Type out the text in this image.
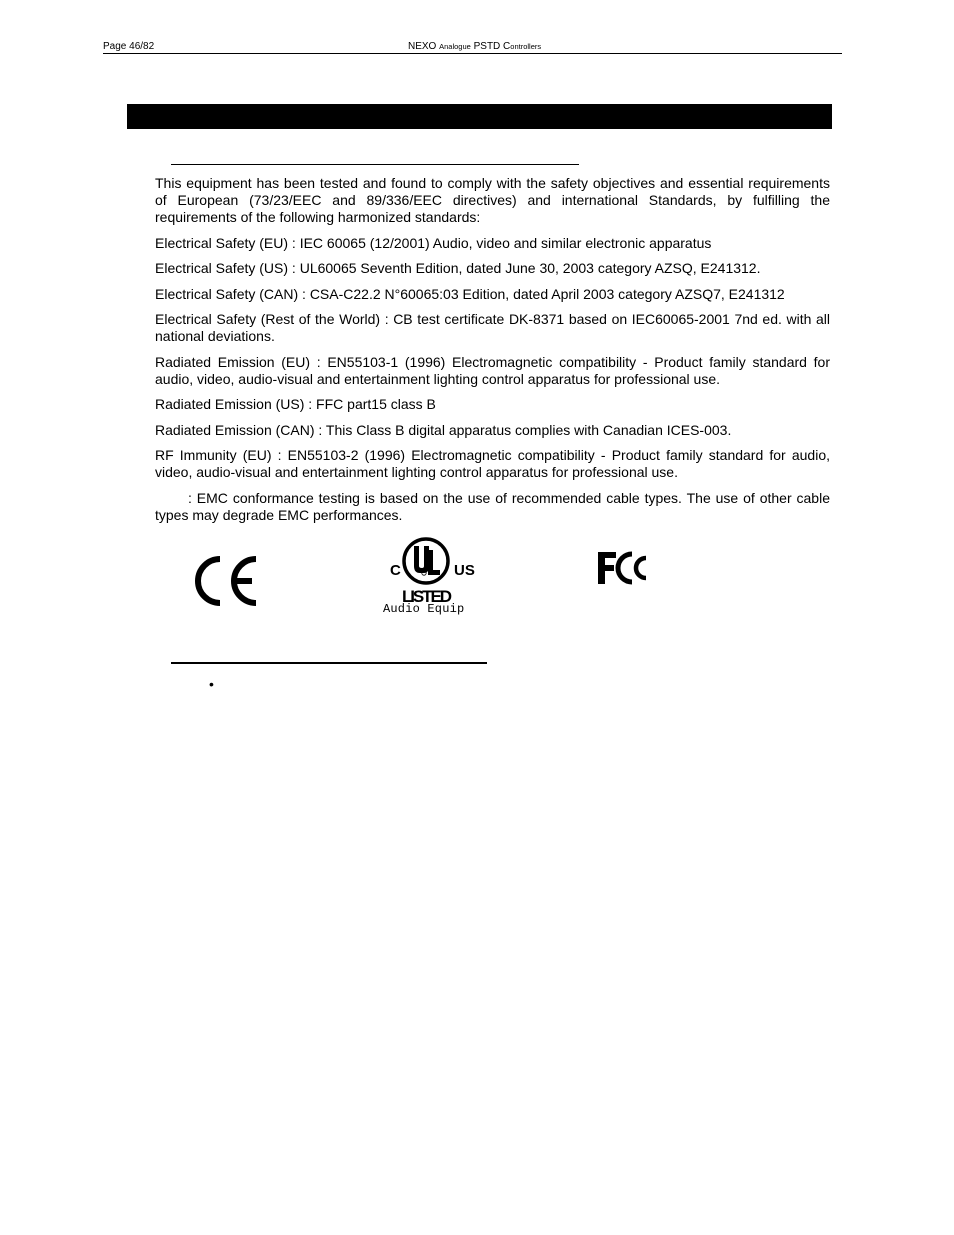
Page 46/82	NEXO Analogue PSTD Controllers

This equipment has been tested and found to comply with the safety objectives and essential requirements of European (73/23/EEC and 89/336/EEC directives) and international Standards, by fulfilling the requirements of the following harmonized standards:

Electrical Safety (EU) : IEC 60065 (12/2001) Audio, video and similar electronic apparatus

Electrical Safety (US) : UL60065 Seventh Edition, dated June 30, 2003 category AZSQ, E241312.

Electrical Safety (CAN) : CSA-C22.2 N°60065:03 Edition, dated April 2003 category AZSQ7, E241312

Electrical Safety (Rest of the World) : CB test certificate DK-8371 based on IEC60065-2001 7nd ed. with all national deviations.

Radiated Emission (EU) : EN55103-1 (1996) Electromagnetic compatibility - Product family standard for audio, video, audio-visual and entertainment lighting control apparatus for professional use.

Radiated Emission (US) : FFC part15 class B

Radiated Emission (CAN) : This Class B digital apparatus complies with Canadian ICES-003.

RF Immunity (EU) : EN55103-2 (1996) Electromagnetic compatibility - Product family standard for audio, video, audio-visual and entertainment lighting control apparatus for professional use.

: EMC conformance testing is based on the use of recommended cable types. The use of other cable types may degrade EMC performances.

C	US
LISTED
Audio Equip
•
